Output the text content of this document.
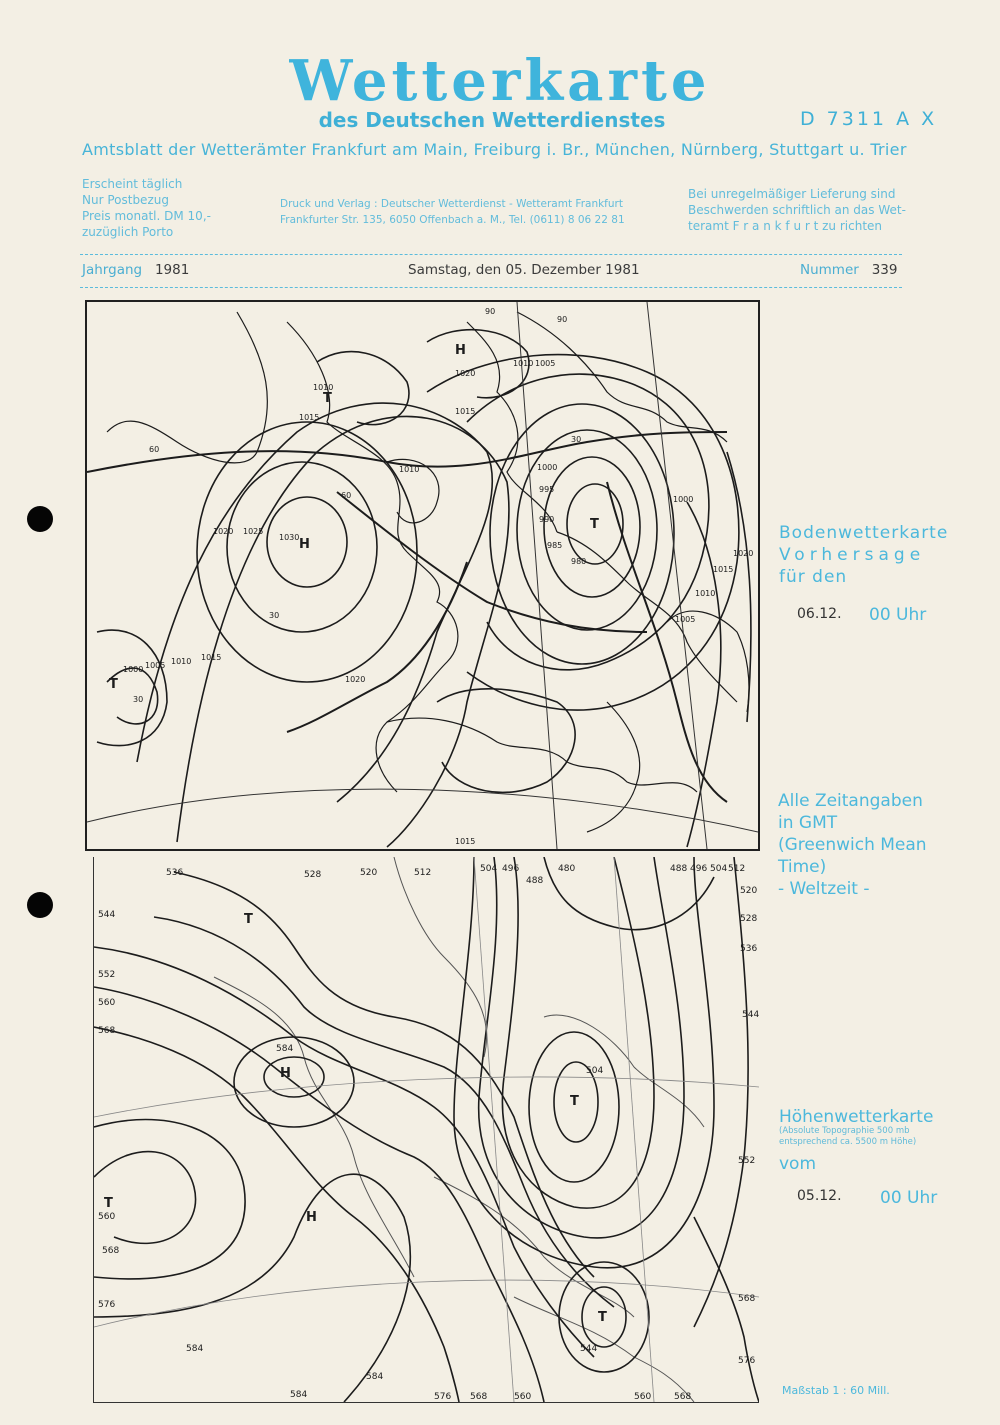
Wetterkarte
des Deutschen Wetterdienstes	D 7311 A X
Amtsblatt der Wetterämter Frankfurt am Main, Freiburg i. Br., München, Nürnberg, Stuttgart u. Trier
Erscheint täglich
Nur Postbezug
Preis monatl. DM 10,-
zuzüglich Porto
Druck und Verlag : Deutscher Wetterdienst - Wetteramt Frankfurt
Frankfurter Str. 135, 6050 Offenbach a. M., Tel. (0611) 8 06 22 81
Bei unregelmäßiger Lieferung sind
Beschwerden schriftlich an das Wet-
teramt F r a n k f u r t zu richten
Jahrgang 1981	Samstag, den 05. Dezember 1981	Nummer 339
H
H
T
T
T
1010
1015
1020
1015
1000
995
990
985
980
1020 1025
1030
1000 1005 1010 1015
1020
1010
1005
1000
1020
1015
1010
1015
1005
1010
60
60
30
30
30
90
90
T
T
T
T
H
H
536	528	520	512	504 496
488
480	488 496 504 512
520
528
536
544
544
552
560
568
584
504
560
568
576
584
584
584
576 568	560	560	568
552
544
568
576
Bodenwetterkarte
Vorhersage
für den
06.12. 00 Uhr
Alle Zeitangaben
in GMT
(Greenwich Mean
Time)
- Weltzeit -
Höhenwetterkarte
(Absolute Topographie 500 mb
entsprechend ca. 5500 m Höhe)
vom
05.12. 00 Uhr
Maßstab 1 : 60 Mill.
